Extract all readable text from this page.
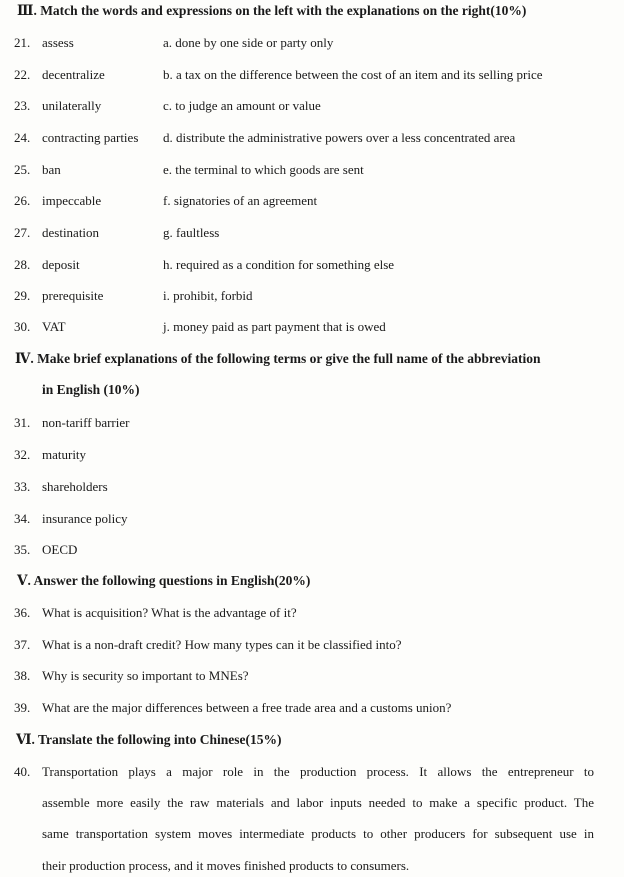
Ⅲ. Match the words and expressions on the left with the explanations on the right(10%)
21. assess	a. done by one side or party only
22. decentralize	b. a tax on the difference between the cost of an item and its selling price
23. unilaterally	c. to judge an amount or value
24. contracting parties d. distribute the administrative powers over a less concentrated area
25. ban	e. the terminal to which goods are sent
26. impeccable	f. signatories of an agreement
27. destination	g. faultless
28. deposit	h. required as a condition for something else
29. prerequisite	i. prohibit, forbid
30. VAT	j. money paid as part payment that is owed
Ⅳ. Make brief explanations of the following terms or give the full name of the abbreviation
in English (10%)
31. non-tariff barrier
32. maturity
33. shareholders
34. insurance policy
35. OECD
Ⅴ. Answer the following questions in English(20%)
36. What is acquisition? What is the advantage of it?
37. What is a non-draft credit? How many types can it be classified into?
38. Why is security so important to MNEs?
39. What are the major differences between a free trade area and a customs union?
Ⅵ. Translate the following into Chinese(15%)
40. Transportation plays a major role in the production process. It allows the entrepreneur to
assemble more easily the raw materials and labor inputs needed to make a specific product. The
same transportation system moves intermediate products to other producers for subsequent use in
their production process, and it moves finished products to consumers.
